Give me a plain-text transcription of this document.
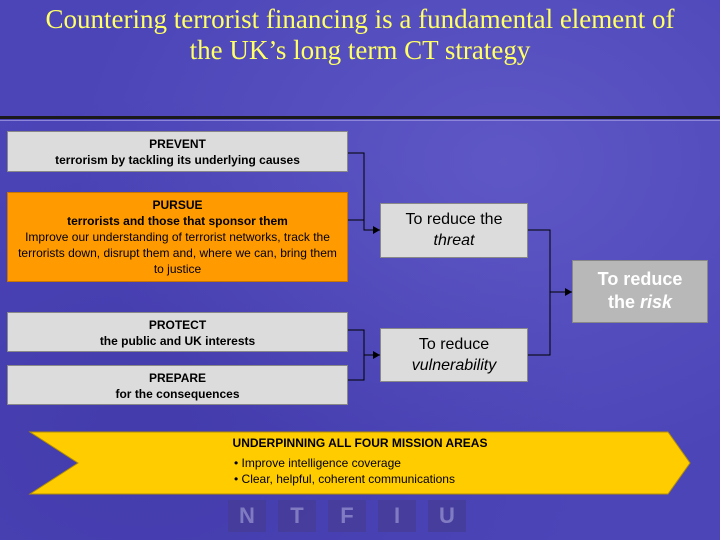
Countering terrorist financing is a fundamental element of the UK’s long term CT strategy
N	T	F	I	U
PREVENT
terrorism by tackling its underlying causes
PURSUE
terrorists and those that sponsor them
Improve our understanding of terrorist networks, track the terrorists down, disrupt them and, where we can, bring them to justice
PROTECT
the public and UK interests
PREPARE
for the consequences
To reduce the
threat
To reduce
vulnerability
To reduce
the risk
UNDERPINNING ALL FOUR MISSION AREAS
• Improve intelligence coverage
• Clear, helpful, coherent communications
